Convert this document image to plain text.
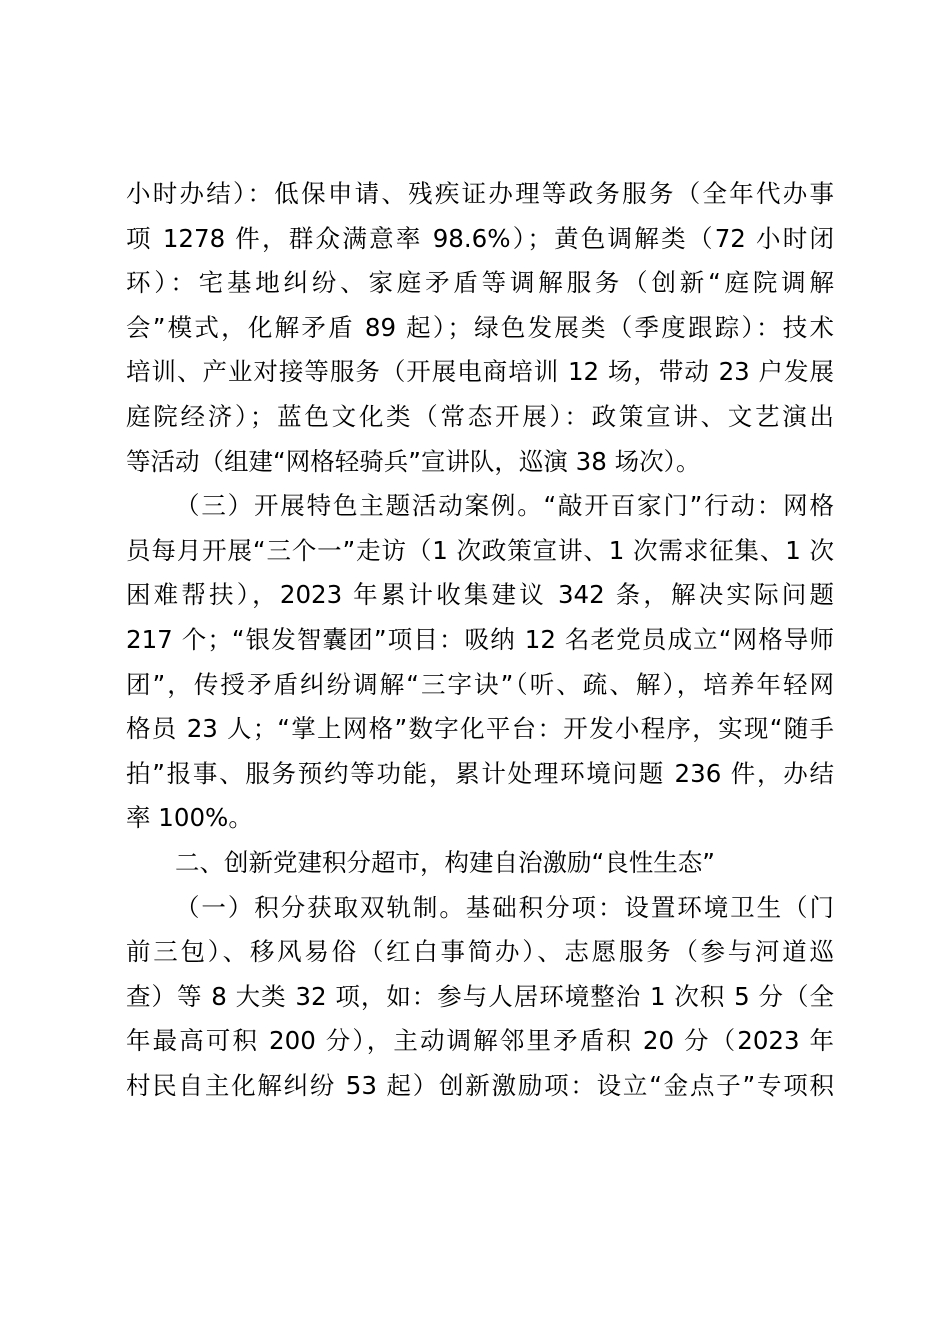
小时办结）：低保申请、残疾证办理等政务服务（全年代办事
项 1278 件，群众满意率 98.6%）；黄色调解类（72 小时闭
环）：宅基地纠纷、家庭矛盾等调解服务（创新“庭院调解
会”模式，化解矛盾 89 起）；绿色发展类（季度跟踪）：技术
培训、产业对接等服务（开展电商培训 12 场，带动 23 户发展
庭院经济）；蓝色文化类（常态开展）：政策宣讲、文艺演出
等活动（组建“网格轻骑兵”宣讲队，巡演 38 场次）。
（三）开展特色主题活动案例。“敲开百家门”行动：网格
员每月开展“三个一”走访（1 次政策宣讲、1 次需求征集、1 次
困难帮扶），2023 年累计收集建议 342 条，解决实际问题
217 个；“银发智囊团”项目：吸纳 12 名老党员成立“网格导师
团”，传授矛盾纠纷调解“三字诀”（听、疏、解），培养年轻网
格员 23 人；“掌上网格”数字化平台：开发小程序，实现“随手
拍”报事、服务预约等功能，累计处理环境问题 236 件，办结
率 100%。
二、创新党建积分超市，构建自治激励“良性生态”
（一）积分获取双轨制。基础积分项：设置环境卫生（门
前三包）、移风易俗（红白事简办）、志愿服务（参与河道巡
查）等 8 大类 32 项，如：参与人居环境整治 1 次积 5 分（全
年最高可积 200 分），主动调解邻里矛盾积 20 分（2023 年
村民自主化解纠纷 53 起）创新激励项：设立“金点子”专项积
